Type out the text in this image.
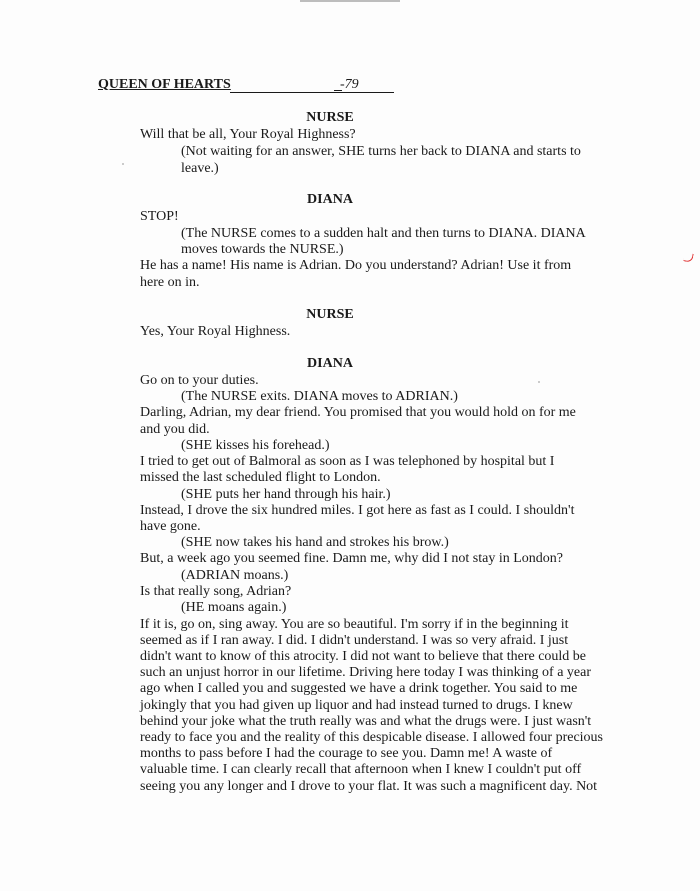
QUEEN OF HEARTS	-79
NURSE
Will that be all, Your Royal Highness?
(Not waiting for an answer, SHE turns her back to DIANA and starts to
leave.)
DIANA
STOP!
(The NURSE comes to a sudden halt and then turns to DIANA. DIANA
moves towards the NURSE.)
He has a name! His name is Adrian. Do you understand? Adrian! Use it from
here on in.
NURSE
Yes, Your Royal Highness.
DIANA
Go on to your duties.
(The NURSE exits. DIANA moves to ADRIAN.)
Darling, Adrian, my dear friend. You promised that you would hold on for me
and you did.
(SHE kisses his forehead.)
I tried to get out of Balmoral as soon as I was telephoned by hospital but I
missed the last scheduled flight to London.
(SHE puts her hand through his hair.)
Instead, I drove the six hundred miles. I got here as fast as I could. I shouldn't
have gone.
(SHE now takes his hand and strokes his brow.)
But, a week ago you seemed fine. Damn me, why did I not stay in London?
(ADRIAN moans.)
Is that really song, Adrian?
(HE moans again.)
If it is, go on, sing away. You are so beautiful. I'm sorry if in the beginning it
seemed as if I ran away. I did. I didn't understand. I was so very afraid. I just
didn't want to know of this atrocity. I did not want to believe that there could be
such an unjust horror in our lifetime. Driving here today I was thinking of a year
ago when I called you and suggested we have a drink together. You said to me
jokingly that you had given up liquor and had instead turned to drugs. I knew
behind your joke what the truth really was and what the drugs were. I just wasn't
ready to face you and the reality of this despicable disease. I allowed four precious
months to pass before I had the courage to see you. Damn me! A waste of
valuable time. I can clearly recall that afternoon when I knew I couldn't put off
seeing you any longer and I drove to your flat. It was such a magnificent day. Not
